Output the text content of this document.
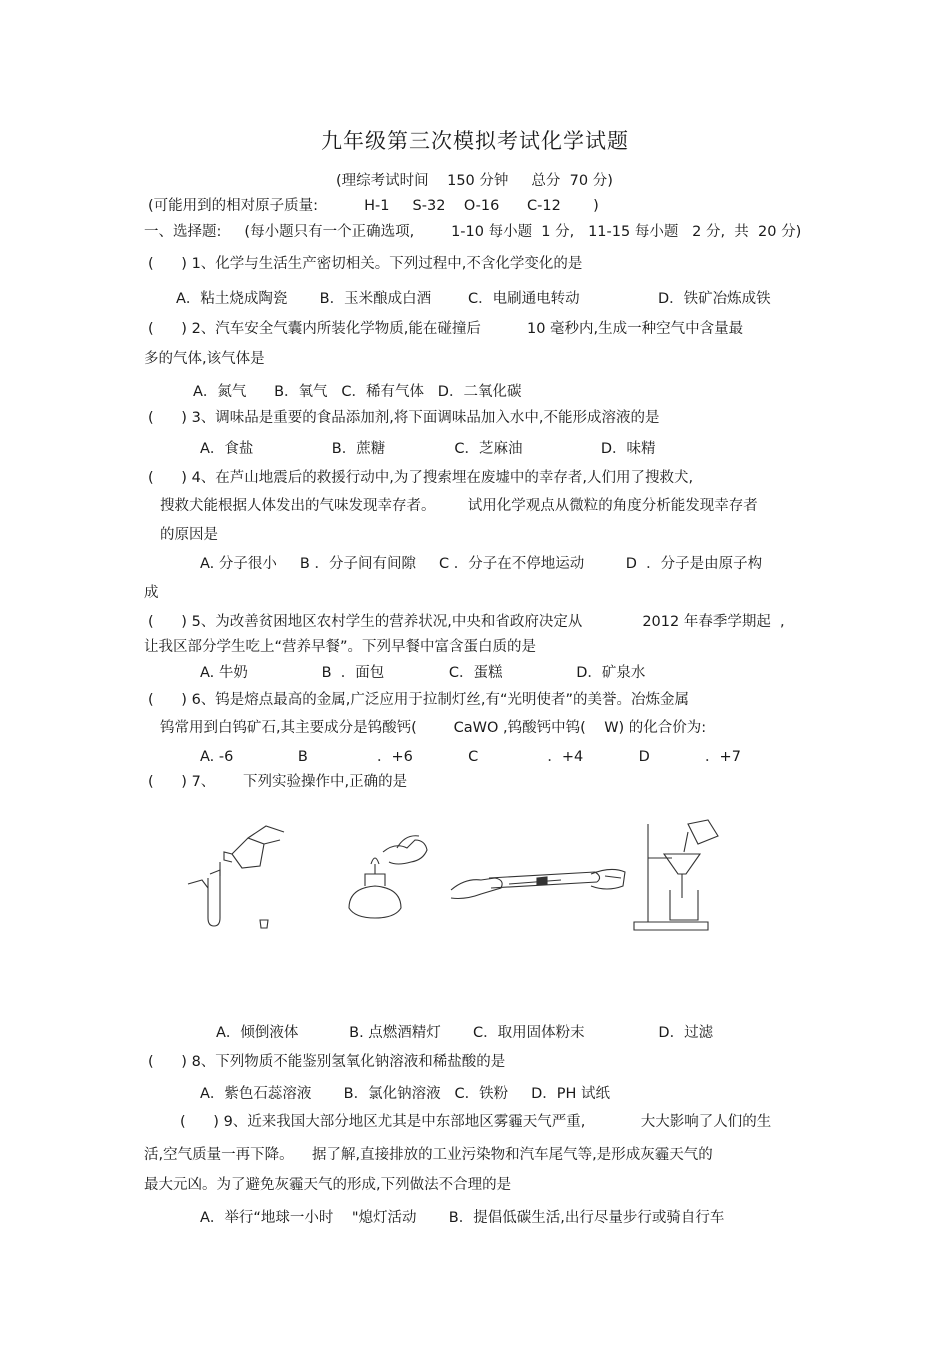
九年级第三次模拟考试化学试题
(理综考试时间    150 分钟     总分  70 分)
(可能用到的相对原子质量:          H-1     S-32    O-16      C-12       )
一、选择题:     (每小题只有一个正确选项,        1-10 每小题  1 分,   11-15 每小题   2 分,  共  20 分)
(      ) 1、化学与生活生产密切相关。下列过程中,不含化学变化的是
A．粘土烧成陶瓷       B．玉米酿成白酒        C．电刷通电转动                 D．铁矿冶炼成铁
(      ) 2、汽车安全气囊内所装化学物质,能在碰撞后          10 毫秒内,生成一种空气中含量最
多的气体,该气体是
A．氮气      B．氧气   C．稀有气体   D．二氧化碳
(      ) 3、调味品是重要的食品添加剂,将下面调味品加入水中,不能形成溶液的是
A．食盐                 B．蔗糖               C．芝麻油                 D．味精
(      ) 4、在芦山地震后的救援行动中,为了搜索埋在废墟中的幸存者,人们用了搜救犬,
搜救犬能根据人体发出的气味发现幸存者。       试用化学观点从微粒的角度分析能发现幸存者
的原因是
A. 分子很小     B ．分子间有间隙     C ．分子在不停地运动         D  ．分子是由原子构
成
(      ) 5、为改善贫困地区农村学生的营养状况,中央和省政府决定从             2012 年春季学期起  ,
让我区部分学生吃上“营养早餐”。下列早餐中富含蛋白质的是
A. 牛奶                B  ．面包              C．蛋糕                D．矿泉水
(      ) 6、钨是熔点最高的金属,广泛应用于拉制灯丝,有“光明使者”的美誉。冶炼金属
钨常用到白钨矿石,其主要成分是钨酸钙(        CaWO ,钨酸钙中钨(    W) 的化合价为:
A. -6              B               ．+6            C               ．+4            D            ．+7
(      ) 7、      下列实验操作中,正确的是
A．倾倒液体           B. 点燃酒精灯       C．取用固体粉末                D．过滤
(      ) 8、下列物质不能鉴别氢氧化钠溶液和稀盐酸的是
A．紫色石蕊溶液       B．氯化钠溶液   C．铁粉     D．PH 试纸
(      ) 9、近来我国大部分地区尤其是中东部地区雾霾天气严重,            大大影响了人们的生
活,空气质量一再下降。    据了解,直接排放的工业污染物和汽车尾气等,是形成灰霾天气的
最大元凶。为了避免灰霾天气的形成,下列做法不合理的是
A．举行“地球一小时    "熄灯活动       B．提倡低碳生活,出行尽量步行或骑自行车
